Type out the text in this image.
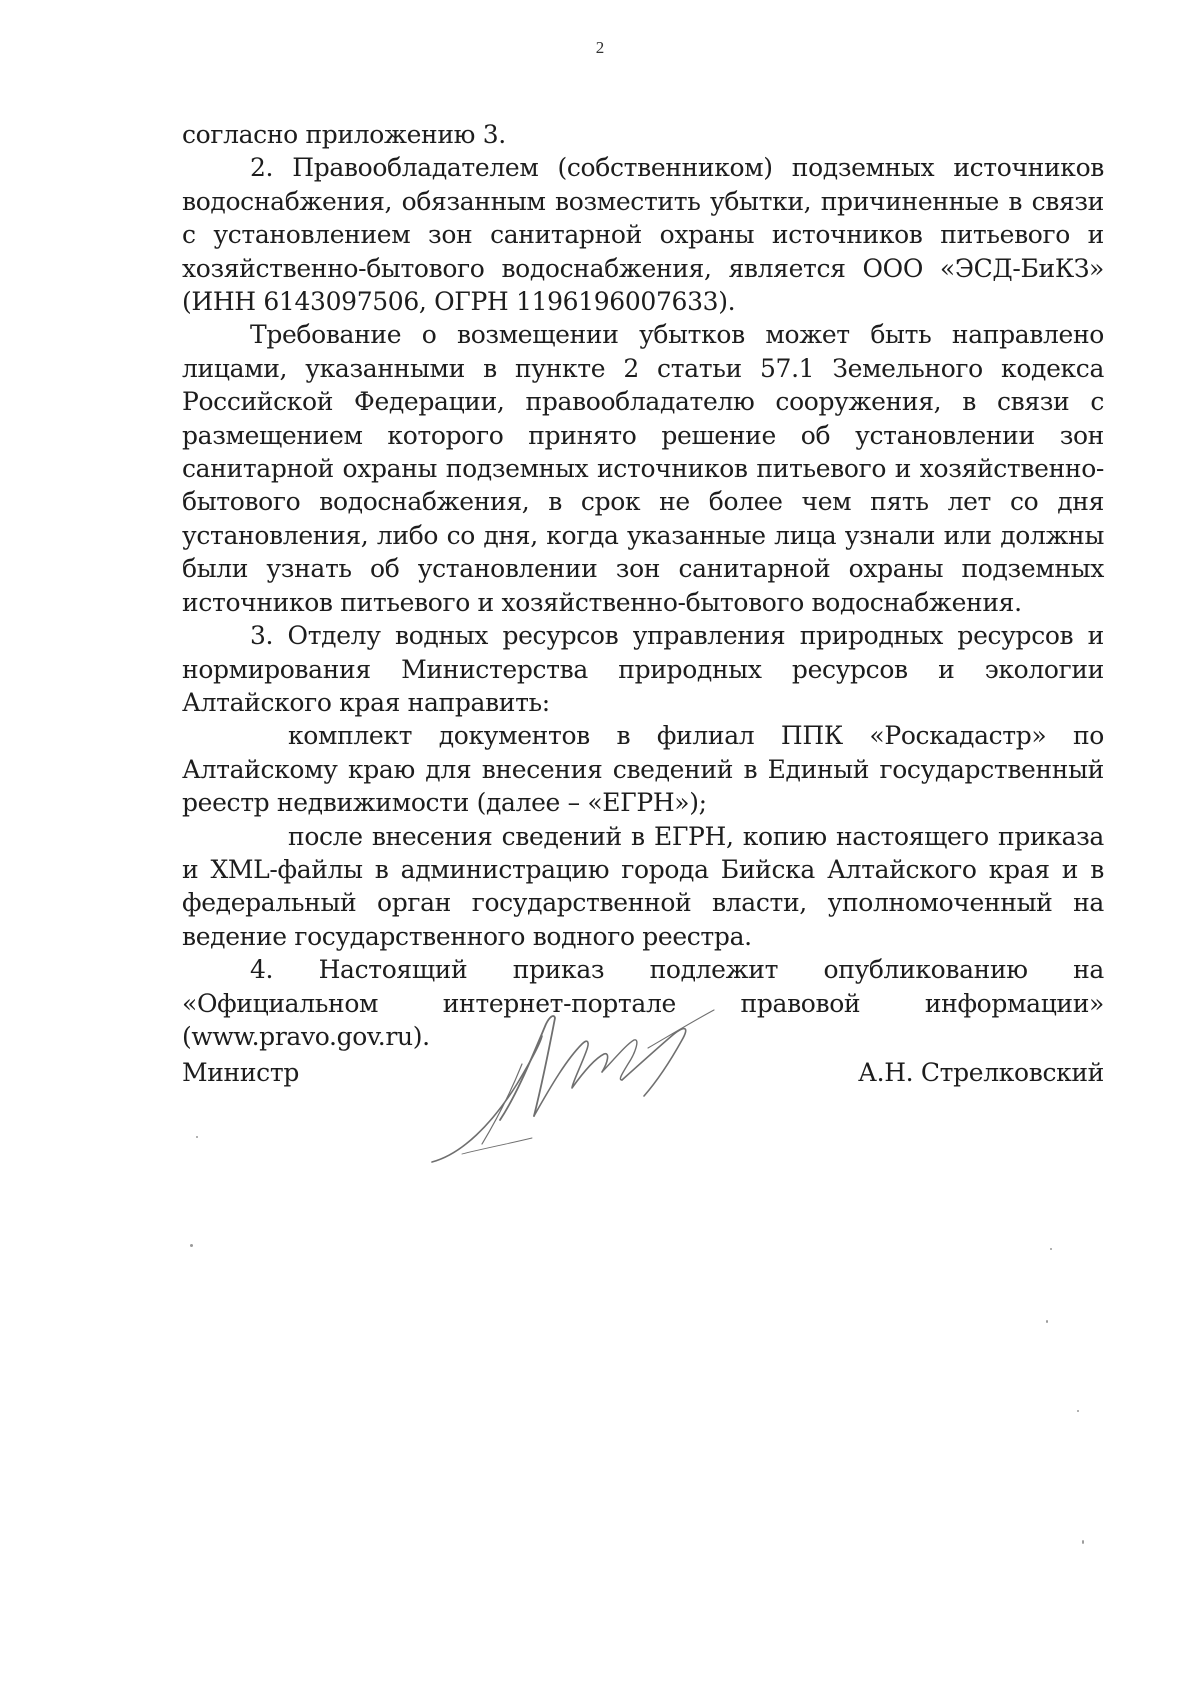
2

согласно приложению 3.

2. Правообладателем (собственником) подземных источников водоснабжения, обязанным возместить убытки, причиненные в связи с установлением зон санитарной охраны источников питьевого и хозяйственно-бытового водоснабжения, является ООО «ЭСД-БиКЗ» (ИНН 6143097506, ОГРН 1196196007633).

Требование о возмещении убытков может быть направлено лицами, указанными в пункте 2 статьи 57.1 Земельного кодекса Российской Федерации, правообладателю сооружения, в связи с размещением которого принято решение об установлении зон санитарной охраны подземных источников питьевого и хозяйственно-бытового водоснабжения, в срок не более чем пять лет со дня установления, либо со дня, когда указанные лица узнали или должны были узнать об установлении зон санитарной охраны подземных источников питьевого и хозяйственно-бытового водоснабжения.

3. Отделу водных ресурсов управления природных ресурсов и нормирования Министерства природных ресурсов и экологии Алтайского края направить:

комплект документов в филиал ППК «Роскадастр» по Алтайскому краю для внесения сведений в Единый государственный реестр недвижимости (далее – «ЕГРН»);

после внесения сведений в ЕГРН, копию настоящего приказа и XML-файлы в администрацию города Бийска Алтайского края и в федеральный орган государственной власти, уполномоченный на ведение государственного водного реестра.

4. Настоящий приказ подлежит опубликованию на «Официальном интернет-портале правовой информации» (www.pravo.gov.ru).

Министр	А.Н. Стрелковский
